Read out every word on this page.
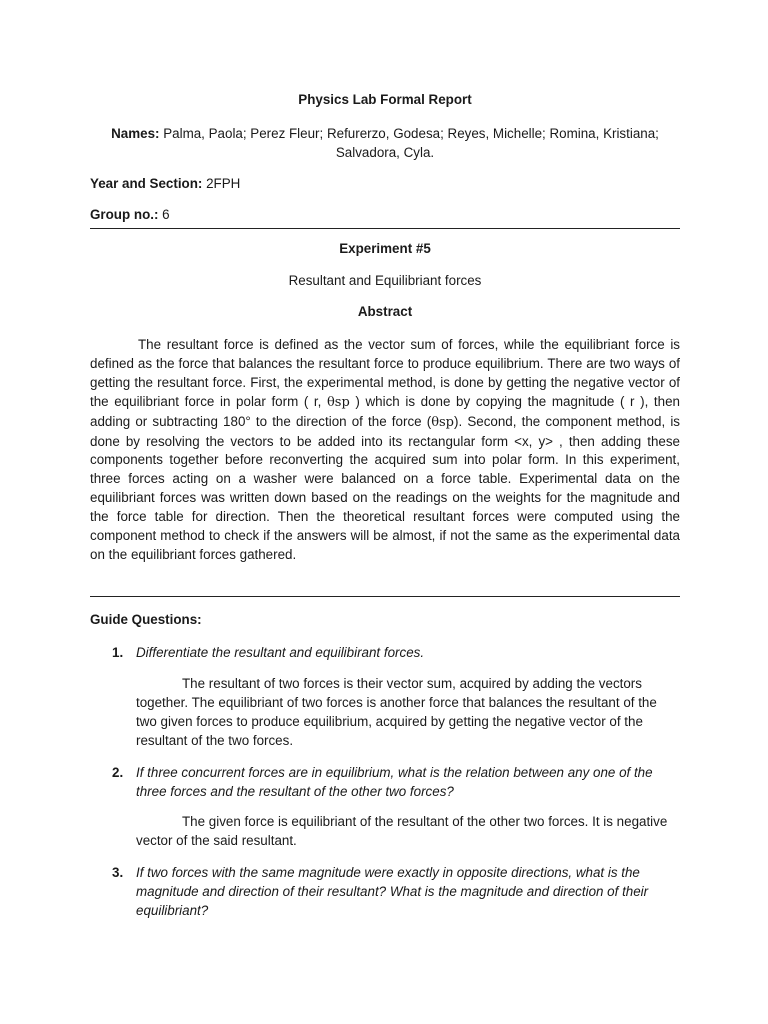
Physics Lab Formal Report
Names: Palma, Paola; Perez Fleur; Refurerzo, Godesa; Reyes, Michelle; Romina, Kristiana; Salvadora, Cyla.
Year and Section: 2FPH
Group no.: 6
Experiment #5
Resultant and Equilibriant forces
Abstract
The resultant force is defined as the vector sum of forces, while the equilibriant force is defined as the force that balances the resultant force to produce equilibrium. There are two ways of getting the resultant force. First, the experimental method, is done by getting the negative vector of the equilibriant force in polar form ( r, θsp ) which is done by copying the magnitude ( r ), then adding or subtracting 180° to the direction of the force (θsp). Second, the component method, is done by resolving the vectors to be added into its rectangular form <x, y> , then adding these components together before reconverting the acquired sum into polar form. In this experiment, three forces acting on a washer were balanced on a force table. Experimental data on the equilibriant forces was written down based on the readings on the weights for the magnitude and the force table for direction. Then the theoretical resultant forces were computed using the component method to check if the answers will be almost, if not the same as the experimental data on the equilibriant forces gathered.
Guide Questions:
1. Differentiate the resultant and equilibirant forces.
The resultant of two forces is their vector sum, acquired by adding the vectors together. The equilibriant of two forces is another force that balances the resultant of the two given forces to produce equilibrium, acquired by getting the negative vector of the resultant of the two forces.
2. If three concurrent forces are in equilibrium, what is the relation between any one of the three forces and the resultant of the other two forces?
The given force is equilibriant of the resultant of the other two forces. It is negative vector of the said resultant.
3. If two forces with the same magnitude were exactly in opposite directions, what is the magnitude and direction of their resultant? What is the magnitude and direction of their equilibriant?
